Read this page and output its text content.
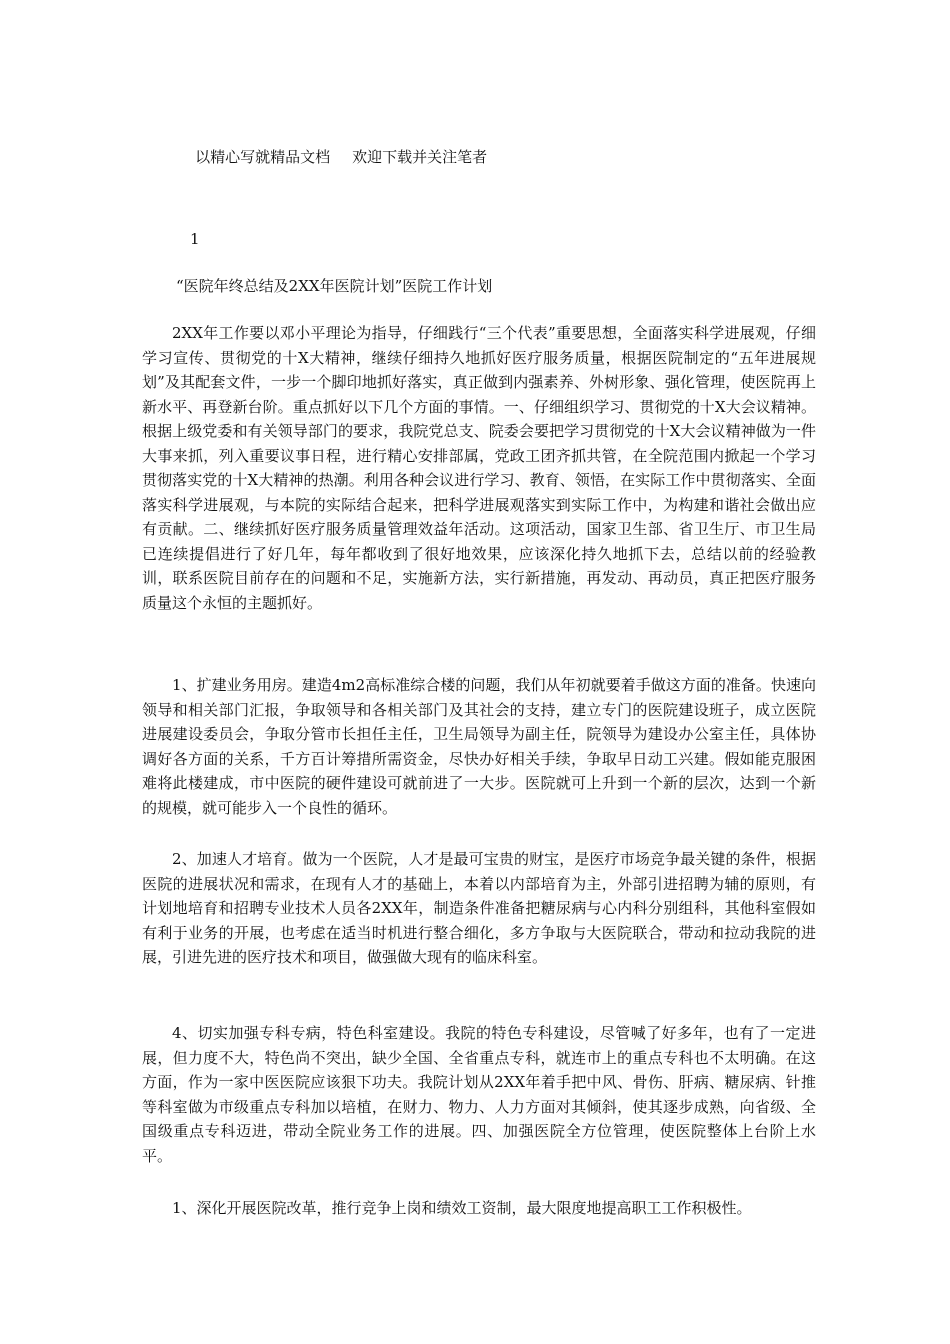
以精心写就精品文档 欢迎下载并关注笔者

1
“医院年终总结及2XX年医院计划”医院工作计划

2XX年工作要以邓小平理论为指导，仔细践行“三个代表”重要思想，全面落实科学进展观，仔细学习宣传、贯彻党的十X大精神，继续仔细持久地抓好医疗服务质量，根据医院制定的“五年进展规划”及其配套文件，一步一个脚印地抓好落实，真正做到内强素养、外树形象、强化管理，使医院再上新水平、再登新台阶。重点抓好以下几个方面的事情。一、仔细组织学习、贯彻党的十X大会议精神。根据上级党委和有关领导部门的要求，我院党总支、院委会要把学习贯彻党的十X大会议精神做为一件大事来抓，列入重要议事日程，进行精心安排部属，党政工团齐抓共管，在全院范围内掀起一个学习贯彻落实党的十X大精神的热潮。利用各种会议进行学习、教育、领悟，在实际工作中贯彻落实、全面落实科学进展观，与本院的实际结合起来，把科学进展观落实到实际工作中，为构建和谐社会做出应有贡献。二、继续抓好医疗服务质量管理效益年活动。这项活动，国家卫生部、省卫生厅、市卫生局已连续提倡进行了好几年，每年都收到了很好地效果，应该深化持久地抓下去，总结以前的经验教训，联系医院目前存在的问题和不足，实施新方法，实行新措施，再发动、再动员，真正把医疗服务质量这个永恒的主题抓好。

1、扩建业务用房。建造4m2高标准综合楼的问题，我们从年初就要着手做这方面的准备。快速向领导和相关部门汇报，争取领导和各相关部门及其社会的支持，建立专门的医院建设班子，成立医院进展建设委员会，争取分管市长担任主任，卫生局领导为副主任，院领导为建设办公室主任，具体协调好各方面的关系，千方百计筹措所需资金，尽快办好相关手续，争取早日动工兴建。假如能克服困难将此楼建成，市中医院的硬件建设可就前进了一大步。医院就可上升到一个新的层次，达到一个新的规模，就可能步入一个良性的循环。

2、加速人才培育。做为一个医院，人才是最可宝贵的财宝，是医疗市场竞争最关键的条件，根据医院的进展状况和需求，在现有人才的基础上，本着以内部培育为主，外部引进招聘为辅的原则，有计划地培育和招聘专业技术人员各2XX年，制造条件准备把糖尿病与心内科分别组科，其他科室假如有利于业务的开展，也考虑在适当时机进行整合细化，多方争取与大医院联合，带动和拉动我院的进展，引进先进的医疗技术和项目，做强做大现有的临床科室。

4、切实加强专科专病，特色科室建设。我院的特色专科建设，尽管喊了好多年，也有了一定进展，但力度不大，特色尚不突出，缺少全国、全省重点专科，就连市上的重点专科也不太明确。在这方面，作为一家中医医院应该狠下功夫。我院计划从2XX年着手把中风、骨伤、肝病、糖尿病、针推等科室做为市级重点专科加以培植，在财力、物力、人力方面对其倾斜，使其逐步成熟，向省级、全国级重点专科迈进，带动全院业务工作的进展。四、加强医院全方位管理，使医院整体上台阶上水平。

1、深化开展医院改革，推行竞争上岗和绩效工资制，最大限度地提高职工工作积极性。
